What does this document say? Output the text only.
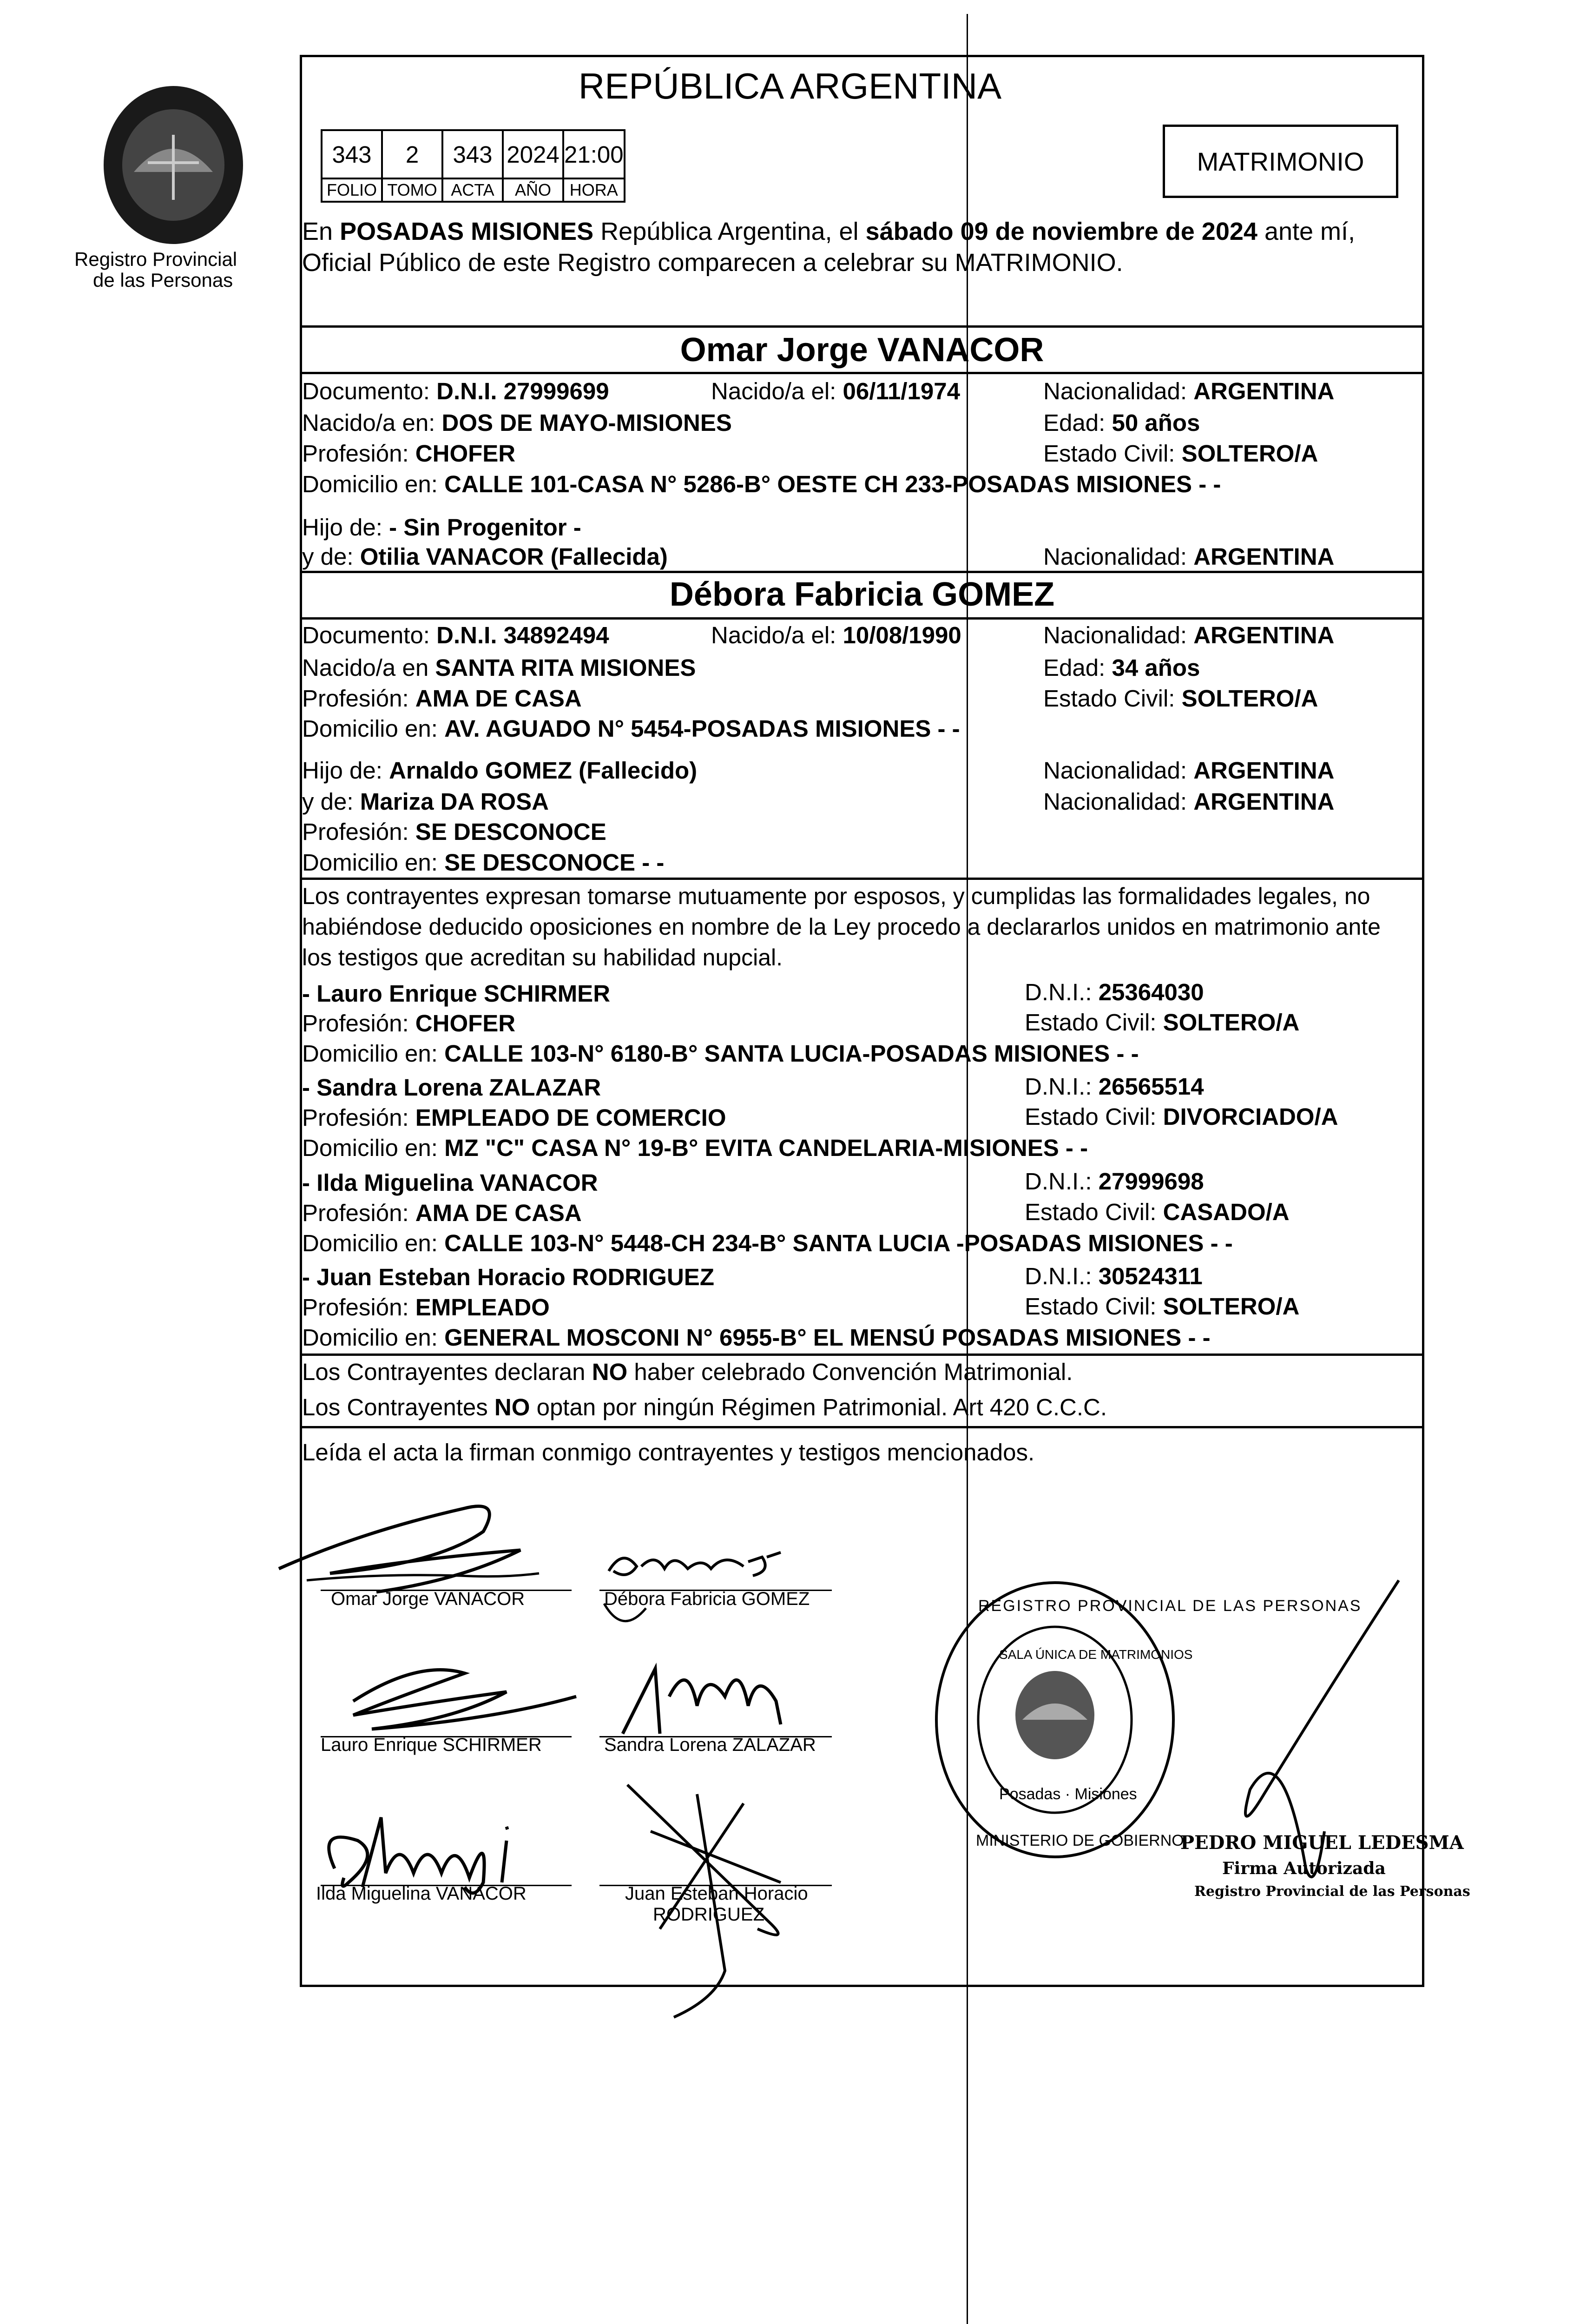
Registro Provincial
de las Personas
REPÚBLICA ARGENTINA
343	2	343	2024	21:00
FOLIO	TOMO	ACTA	AÑO	HORA
MATRIMONIO
En POSADAS MISIONES República Argentina, el sábado 09 de noviembre de 2024 ante mí,
Oficial Público de este Registro comparecen a celebrar su MATRIMONIO.
Omar Jorge VANACOR
Documento: D.N.I. 27999699	Nacido/a el: 06/11/1974	Nacionalidad: ARGENTINA
Nacido/a en: DOS DE MAYO-MISIONES	Edad: 50 años
Profesión: CHOFER	Estado Civil: SOLTERO/A
Domicilio en: CALLE 101-CASA N° 5286-B° OESTE CH 233-POSADAS MISIONES - -
Hijo de: - Sin Progenitor -
y de: Otilia VANACOR (Fallecida)	Nacionalidad: ARGENTINA
Débora Fabricia GOMEZ
Documento: D.N.I. 34892494	Nacido/a el: 10/08/1990	Nacionalidad: ARGENTINA
Nacido/a en SANTA RITA MISIONES	Edad: 34 años
Profesión: AMA DE CASA	Estado Civil: SOLTERO/A
Domicilio en: AV. AGUADO N° 5454-POSADAS MISIONES - -
Hijo de: Arnaldo GOMEZ (Fallecido)	Nacionalidad: ARGENTINA
y de: Mariza DA ROSA	Nacionalidad: ARGENTINA
Profesión: SE DESCONOCE
Domicilio en: SE DESCONOCE - -
Los contrayentes expresan tomarse mutuamente por esposos, y cumplidas las formalidades legales, no
habiéndose deducido oposiciones en nombre de la Ley procedo a declararlos unidos en matrimonio ante
los testigos que acreditan su habilidad nupcial.
- Lauro Enrique SCHIRMER	D.N.I.: 25364030
Profesión: CHOFER	Estado Civil: SOLTERO/A
Domicilio en: CALLE 103-N° 6180-B° SANTA LUCIA-POSADAS MISIONES - -
- Sandra Lorena ZALAZAR	D.N.I.: 26565514
Profesión: EMPLEADO DE COMERCIO	Estado Civil: DIVORCIADO/A
Domicilio en: MZ "C" CASA N° 19-B° EVITA CANDELARIA-MISIONES - -
- Ilda Miguelina VANACOR	D.N.I.: 27999698
Profesión: AMA DE CASA	Estado Civil: CASADO/A
Domicilio en: CALLE 103-N° 5448-CH 234-B° SANTA LUCIA -POSADAS MISIONES - -
- Juan Esteban Horacio RODRIGUEZ	D.N.I.: 30524311
Profesión: EMPLEADO	Estado Civil: SOLTERO/A
Domicilio en: GENERAL MOSCONI N° 6955-B° EL MENSÚ POSADAS MISIONES - -
Los Contrayentes declaran NO haber celebrado Convención Matrimonial.
Los Contrayentes NO optan por ningún Régimen Patrimonial. Art 420 C.C.C.
Leída el acta la firman conmigo contrayentes y testigos mencionados.
Omar Jorge VANACOR	Débora Fabricia GOMEZ
Lauro Enrique SCHIRMER	Sandra Lorena ZALAZAR
Ilda Miguelina VANACOR	Juan Esteban Horacio
RODRIGUEZ
REGISTRO PROVINCIAL DE LAS PERSONAS
SALA ÚNICA DE MATRIMONIOS
Posadas · Misiones
MINISTERIO DE GOBIERNO
PEDRO MIGUEL LEDESMA
Firma Autorizada
Registro Provincial de las Personas
